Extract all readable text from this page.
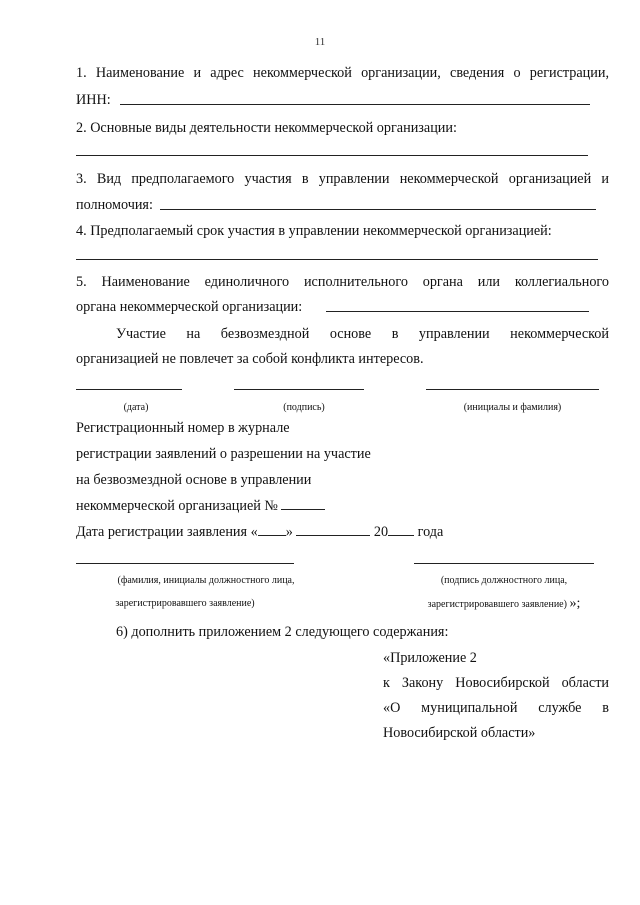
11
1. Наименование и адрес некоммерческой организации, сведения о регистрации,
ИНН:
2. Основные виды деятельности некоммерческой организации:
3. Вид предполагаемого участия в управлении некоммерческой организацией и
полномочия:
4. Предполагаемый срок участия в управлении некоммерческой организацией:
5. Наименование единоличного исполнительного органа или коллегиального
органа некоммерческой организации:
Участие на безвозмездной основе в управлении некоммерческой
организацией не повлечет за собой конфликта интересов.
(дата)	(подпись)	(инициалы и фамилия)
Регистрационный номер в журнале
регистрации заявлений о разрешении на участие
на безвозмездной основе в управлении
некоммерческой организацией №
Дата регистрации заявления « »	20 года
(фамилия, инициалы должностного лица,
зарегистрировавшего заявление)
(подпись должностного лица,
зарегистрировавшего заявление) »;
6) дополнить приложением 2 следующего содержания:
«Приложение 2
к Закону Новосибирской области
«О муниципальной службе в
Новосибирской области»
